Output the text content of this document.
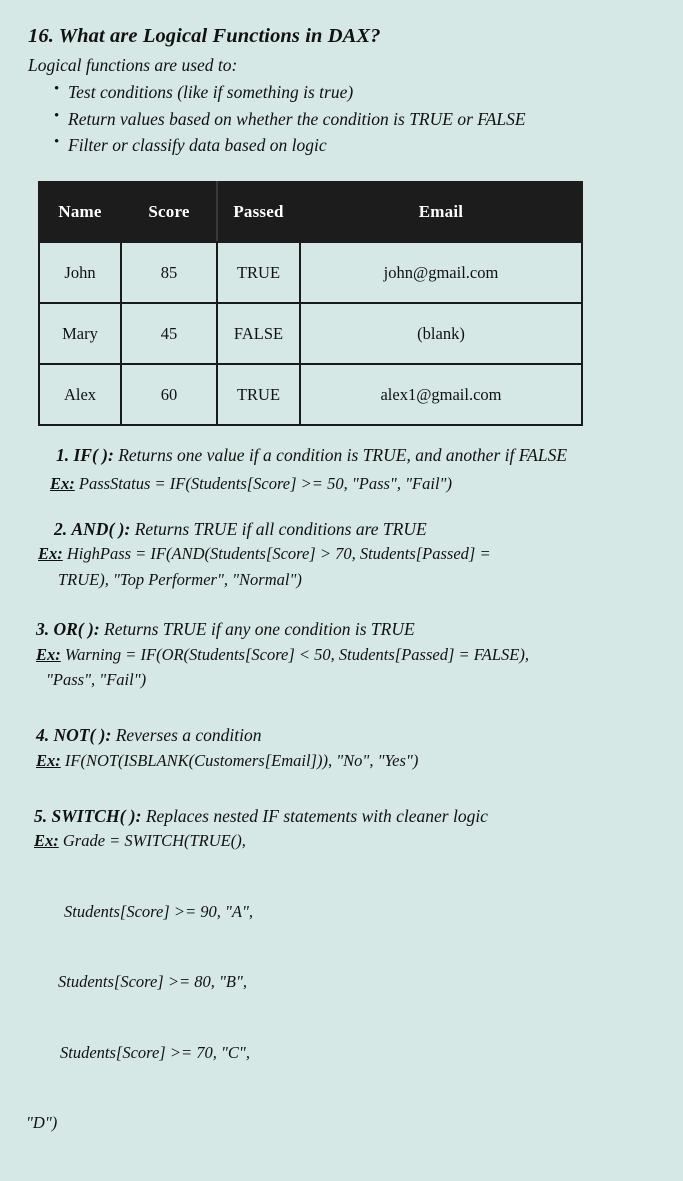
16. What are Logical Functions in DAX?

Logical functions are used to:

• Test conditions (like if something is true)
• Return values based on whether the condition is TRUE or FALSE
• Filter or classify data based on logic
Name	Score	Passed	Email
John	85	TRUE	john@gmail.com
Mary	45	FALSE	(blank)
Alex	60	TRUE	alex1@gmail.com
1. IF( ): Returns one value if a condition is TRUE, and another if FALSE
Ex: PassStatus = IF(Students[Score] >= 50, "Pass", "Fail")
2. AND( ): Returns TRUE if all conditions are TRUE
Ex: HighPass = IF(AND(Students[Score] > 70, Students[Passed] =
TRUE), "Top Performer", "Normal")
3. OR( ): Returns TRUE if any one condition is TRUE
Ex: Warning = IF(OR(Students[Score] < 50, Students[Passed] = FALSE),
"Pass", "Fail")
4. NOT( ): Reverses a condition
Ex: IF(NOT(ISBLANK(Customers[Email])), "No", "Yes")
5. SWITCH( ): Replaces nested IF statements with cleaner logic
Ex: Grade = SWITCH(TRUE(),

Students[Score] >= 90, "A",

Students[Score] >= 80, "B",

Students[Score] >= 70, "C",

"D")
